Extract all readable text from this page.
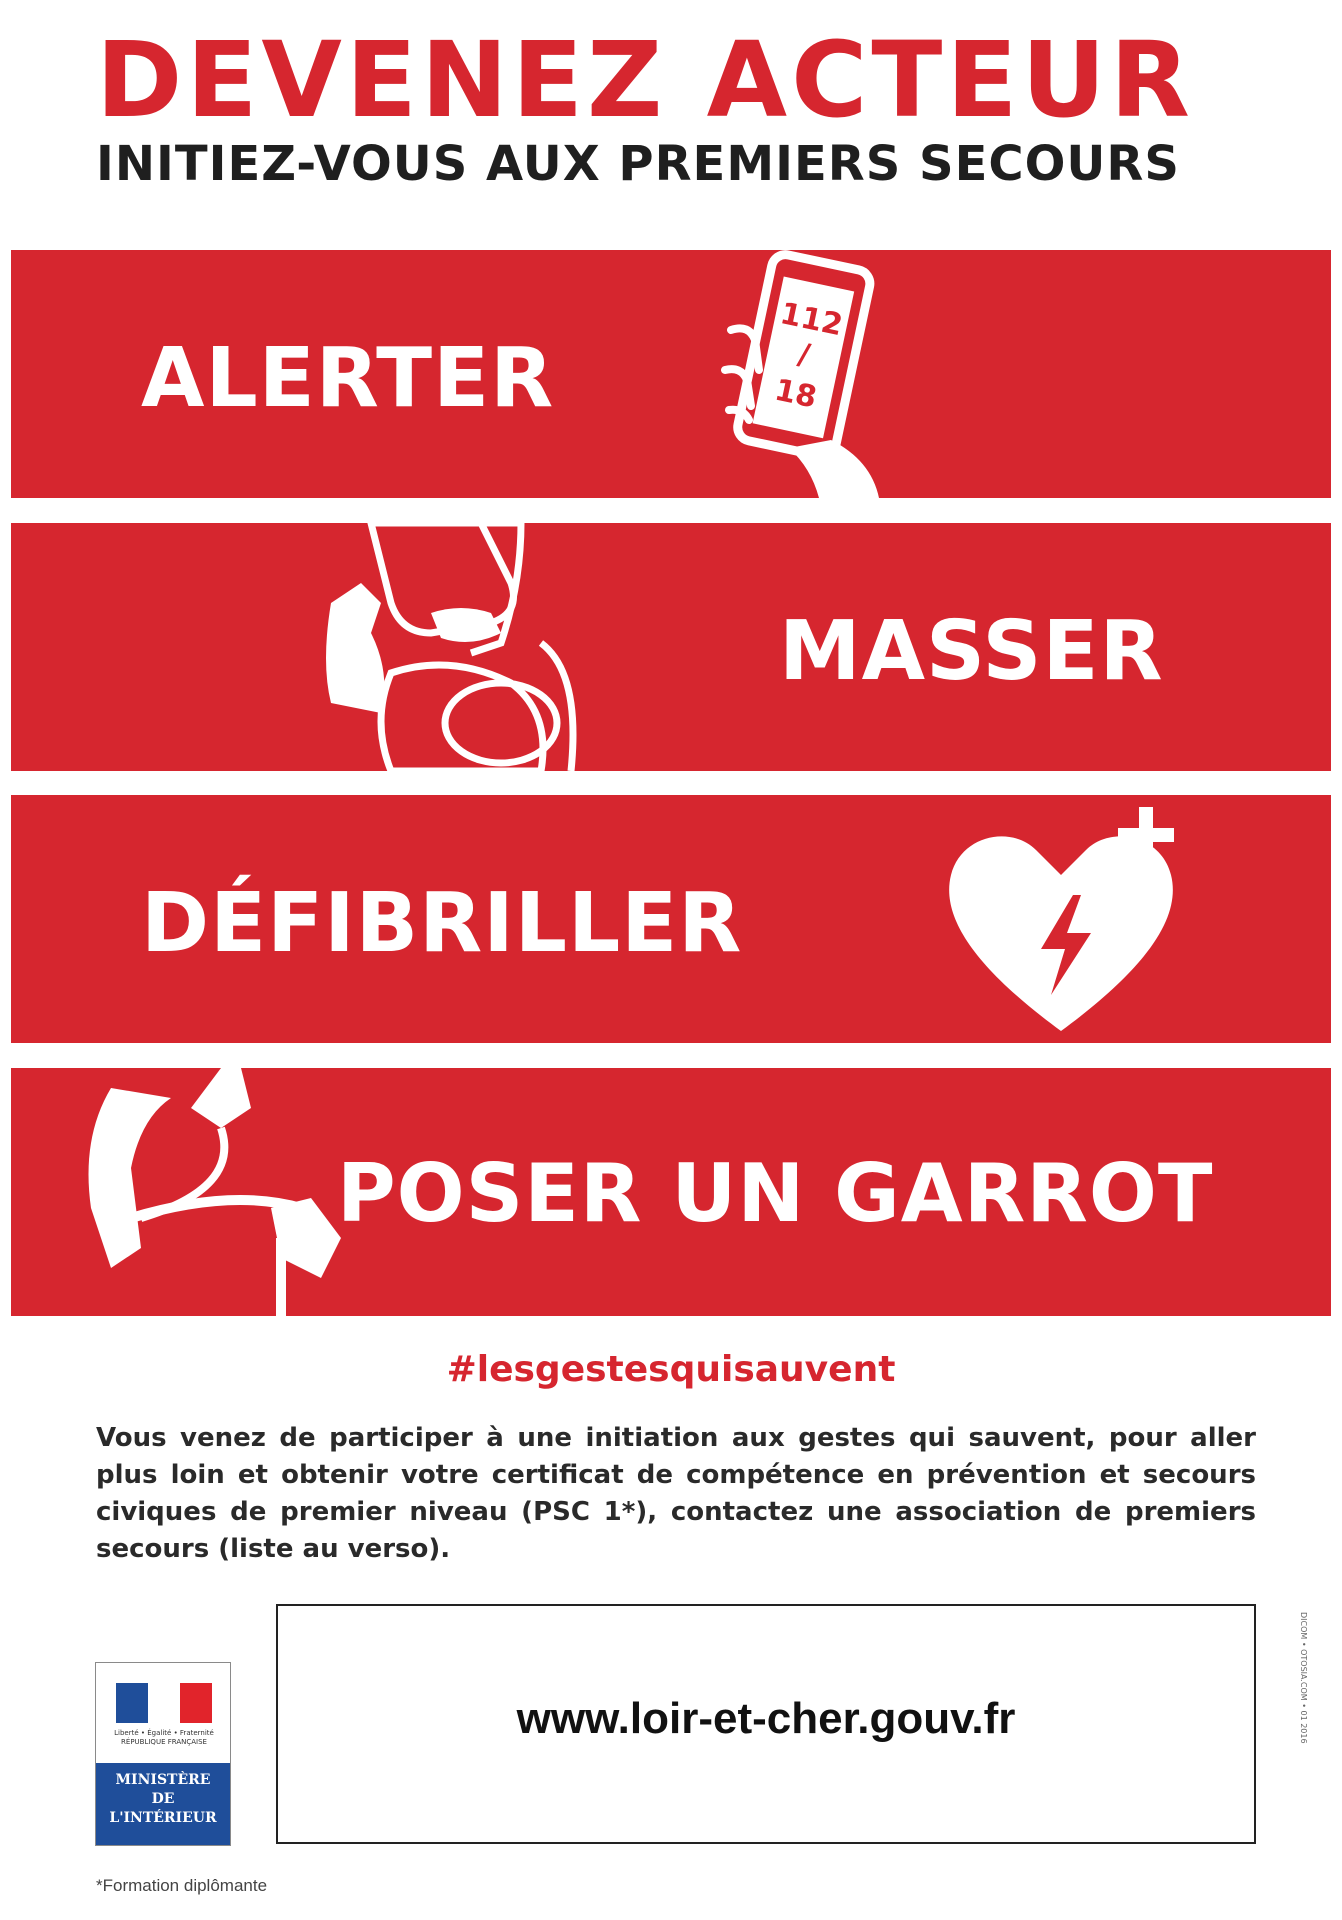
DEVENEZ ACTEUR
INITIEZ-VOUS AUX PREMIERS SECOURS
ALERTER
112
/
18
MASSER
DÉFIBRILLER
POSER UN GARROT
#lesgestesquisauvent
Vous venez de participer à une initiation aux gestes qui sauvent, pour aller plus loin et obtenir votre certificat de compétence en prévention et secours civiques de premier niveau (PSC 1*), contactez une association de premiers secours (liste au verso).
Liberté • Égalité • Fraternité
RÉPUBLIQUE FRANÇAISE
MINISTÈRE
DE
L'INTÉRIEUR
www.loir-et-cher.gouv.fr	DICOM • OTOSIA.COM • 01 2016
*Formation diplômante
